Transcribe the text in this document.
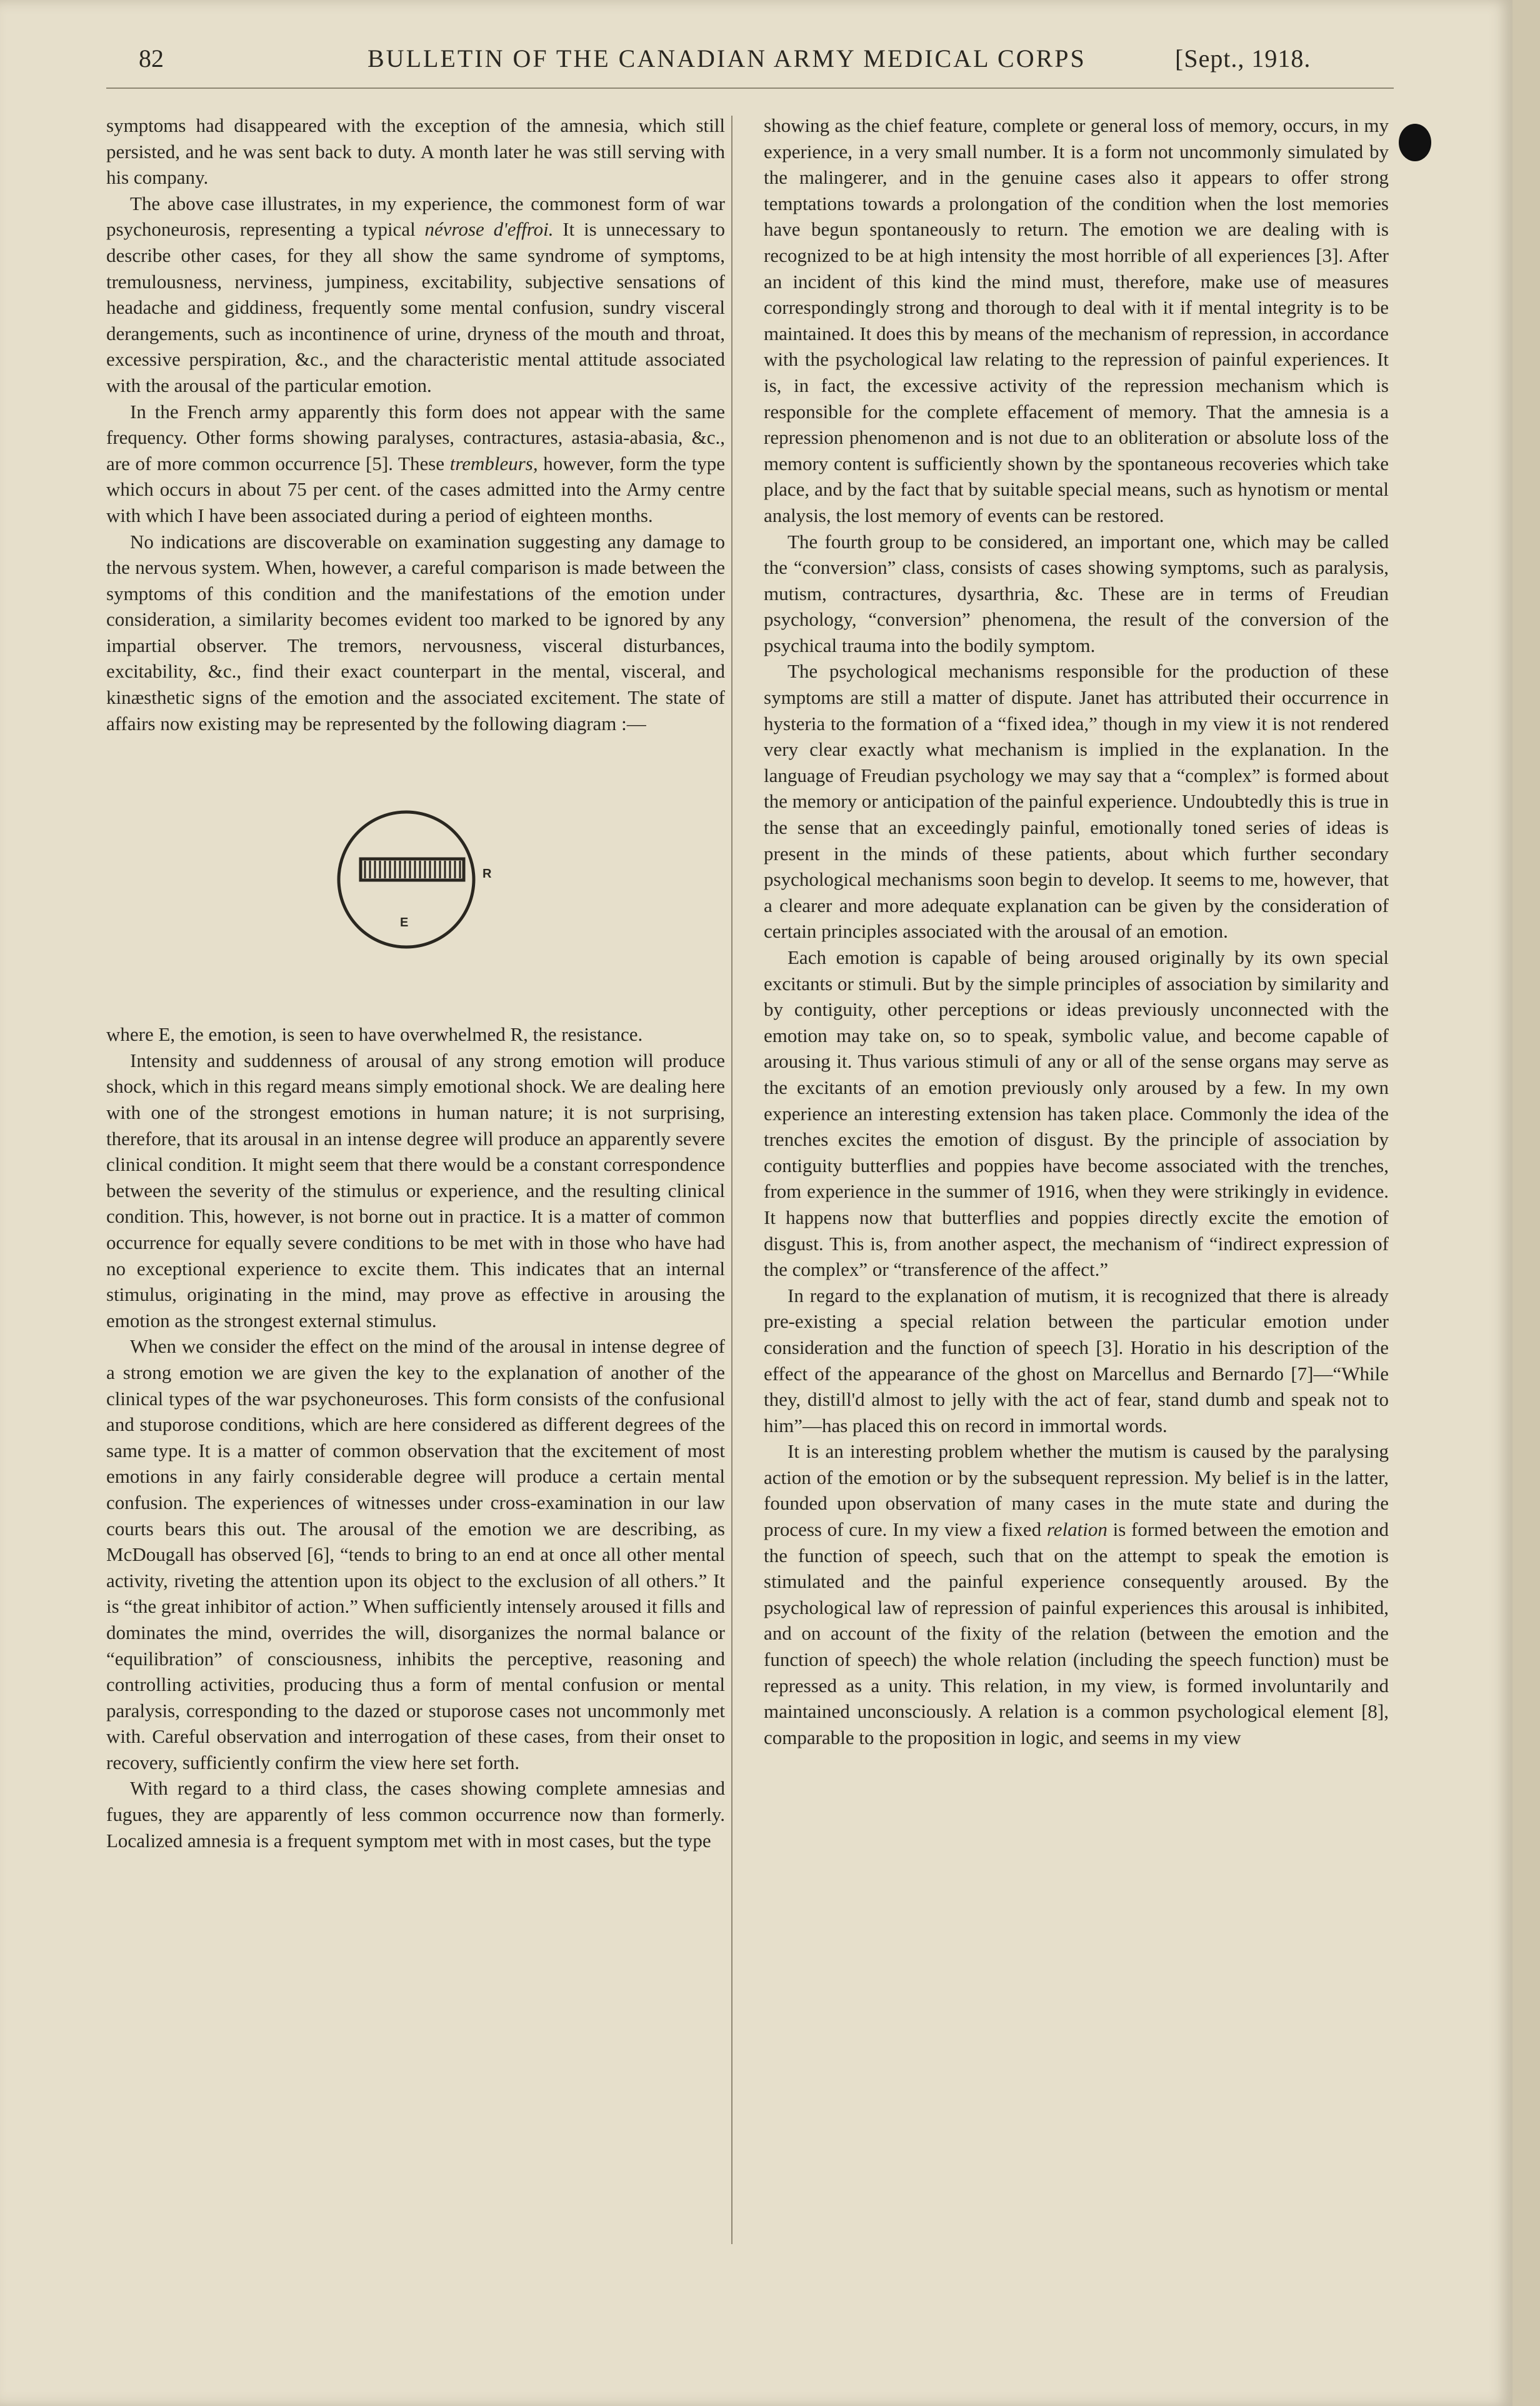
82	BULLETIN OF THE CANADIAN ARMY MEDICAL CORPS	[Sept., 1918.

symptoms had disappeared with the exception of the amnesia, which still persisted, and he was sent back to duty. A month later he was still serving with his company.

The above case illustrates, in my experience, the commonest form of war psychoneurosis, representing a typical névrose d'effroi. It is unnecessary to describe other cases, for they all show the same syndrome of symptoms, tremulousness, nerviness, jumpiness, excitability, subjective sensations of headache and giddiness, frequently some mental confusion, sundry visceral derangements, such as incontinence of urine, dryness of the mouth and throat, excessive perspiration, &c., and the characteristic mental attitude associated with the arousal of the particular emotion.

In the French army apparently this form does not appear with the same frequency. Other forms showing paralyses, contractures, astasia-abasia, &c., are of more common occurrence [5]. These trembleurs, however, form the type which occurs in about 75 per cent. of the cases admitted into the Army centre with which I have been associated during a period of eighteen months.

No indications are discoverable on examination suggesting any damage to the nervous system. When, however, a careful comparison is made between the symptoms of this condition and the manifestations of the emotion under consideration, a similarity becomes evident too marked to be ignored by any impartial observer. The tremors, nervousness, visceral disturbances, excitability, &c., find their exact counterpart in the mental, visceral, and kinæsthetic signs of the emotion and the associated excitement. The state of affairs now existing may be represented by the following diagram :—

R
E

where E, the emotion, is seen to have overwhelmed R, the resistance.

Intensity and suddenness of arousal of any strong emotion will produce shock, which in this regard means simply emotional shock. We are dealing here with one of the strongest emotions in human nature; it is not surprising, therefore, that its arousal in an intense degree will produce an apparently severe clinical condition. It might seem that there would be a constant correspondence between the severity of the stimulus or experience, and the resulting clinical condition. This, however, is not borne out in practice. It is a matter of common occurrence for equally severe conditions to be met with in those who have had no exceptional experience to excite them. This indicates that an internal stimulus, originating in the mind, may prove as effective in arousing the emotion as the strongest external stimulus.

When we consider the effect on the mind of the arousal in intense degree of a strong emotion we are given the key to the explanation of another of the clinical types of the war psychoneuroses. This form consists of the confusional and stuporose conditions, which are here considered as different degrees of the same type. It is a matter of common observation that the excitement of most emotions in any fairly considerable degree will produce a certain mental confusion. The experiences of witnesses under cross-examination in our law courts bears this out. The arousal of the emotion we are describing, as McDougall has observed [6], “tends to bring to an end at once all other mental activity, riveting the attention upon its object to the exclusion of all others.” It is “the great inhibitor of action.” When sufficiently intensely aroused it fills and dominates the mind, overrides the will, disorganizes the normal balance or “equilibration” of consciousness, inhibits the perceptive, reasoning and controlling activities, producing thus a form of mental confusion or mental paralysis, corresponding to the dazed or stuporose cases not uncommonly met with. Careful observation and interrogation of these cases, from their onset to recovery, sufficiently confirm the view here set forth.

With regard to a third class, the cases showing complete amnesias and fugues, they are apparently of less common occurrence now than formerly. Localized amnesia is a frequent symptom met with in most cases, but the type

showing as the chief feature, complete or general loss of memory, occurs, in my experience, in a very small number. It is a form not uncommonly simulated by the malingerer, and in the genuine cases also it appears to offer strong temptations towards a prolongation of the condition when the lost memories have begun spontaneously to return. The emotion we are dealing with is recognized to be at high intensity the most horrible of all experiences [3]. After an incident of this kind the mind must, therefore, make use of measures correspondingly strong and thorough to deal with it if mental integrity is to be maintained. It does this by means of the mechanism of repression, in accordance with the psychological law relating to the repression of painful experiences. It is, in fact, the excessive activity of the repression mechanism which is responsible for the complete effacement of memory. That the amnesia is a repression phenomenon and is not due to an obliteration or absolute loss of the memory content is sufficiently shown by the spontaneous recoveries which take place, and by the fact that by suitable special means, such as hynotism or mental analysis, the lost memory of events can be restored.

The fourth group to be considered, an important one, which may be called the “conversion” class, consists of cases showing symptoms, such as paralysis, mutism, contractures, dysarthria, &c. These are in terms of Freudian psychology, “conversion” phenomena, the result of the conversion of the psychical trauma into the bodily symptom.

The psychological mechanisms responsible for the production of these symptoms are still a matter of dispute. Janet has attributed their occurrence in hysteria to the formation of a “fixed idea,” though in my view it is not rendered very clear exactly what mechanism is implied in the explanation. In the language of Freudian psychology we may say that a “complex” is formed about the memory or anticipation of the painful experience. Undoubtedly this is true in the sense that an exceedingly painful, emotionally toned series of ideas is present in the minds of these patients, about which further secondary psychological mechanisms soon begin to develop. It seems to me, however, that a clearer and more adequate explanation can be given by the consideration of certain principles associated with the arousal of an emotion.

Each emotion is capable of being aroused originally by its own special excitants or stimuli. But by the simple principles of association by similarity and by contiguity, other perceptions or ideas previously unconnected with the emotion may take on, so to speak, symbolic value, and become capable of arousing it. Thus various stimuli of any or all of the sense organs may serve as the excitants of an emotion previously only aroused by a few. In my own experience an interesting extension has taken place. Commonly the idea of the trenches excites the emotion of disgust. By the principle of association by contiguity butterflies and poppies have become associated with the trenches, from experience in the summer of 1916, when they were strikingly in evidence. It happens now that butterflies and poppies directly excite the emotion of disgust. This is, from another aspect, the mechanism of “indirect expression of the complex” or “transference of the affect.”

In regard to the explanation of mutism, it is recognized that there is already pre-existing a special relation between the particular emotion under consideration and the function of speech [3]. Horatio in his description of the effect of the appearance of the ghost on Marcellus and Bernardo [7]—“While they, distill'd almost to jelly with the act of fear, stand dumb and speak not to him”—has placed this on record in immortal words.

It is an interesting problem whether the mutism is caused by the paralysing action of the emotion or by the subsequent repression. My belief is in the latter, founded upon observation of many cases in the mute state and during the process of cure. In my view a fixed relation is formed between the emotion and the function of speech, such that on the attempt to speak the emotion is stimulated and the painful experience consequently aroused. By the psychological law of repression of painful experiences this arousal is inhibited, and on account of the fixity of the relation (between the emotion and the function of speech) the whole relation (including the speech function) must be repressed as a unity. This relation, in my view, is formed involuntarily and maintained unconsciously. A relation is a common psychological element [8], comparable to the proposition in logic, and seems in my view
